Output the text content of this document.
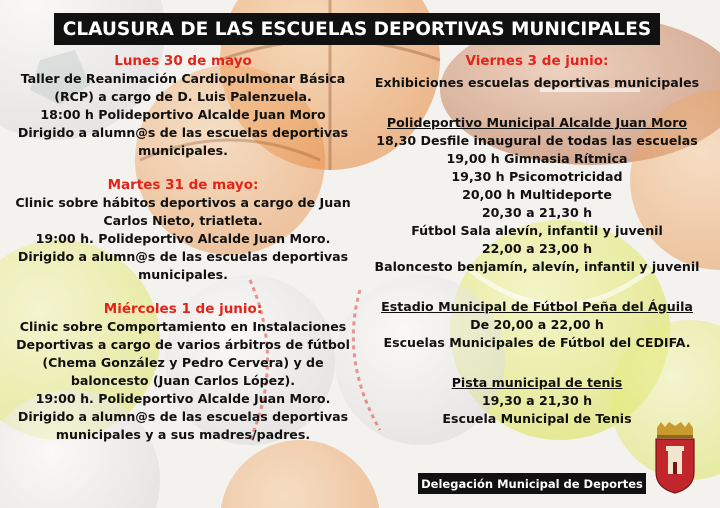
CLAUSURA DE LAS ESCUELAS DEPORTIVAS MUNICIPALES
Lunes 30 de mayo
Taller de Reanimación Cardiopulmonar Básica
(RCP) a cargo de D. Luis Palenzuela.
18:00 h Polideportivo Alcalde Juan Moro
Dirigido a alumn@s de las escuelas deportivas
municipales.
Martes 31 de mayo:
Clinic sobre hábitos deportivos a cargo de Juan
Carlos Nieto, triatleta.
19:00 h. Polideportivo Alcalde Juan Moro.
Dirigido a alumn@s de las escuelas deportivas
municipales.
Miércoles 1 de junio:
Clinic sobre Comportamiento en Instalaciones
Deportivas a cargo de varios árbitros de fútbol
(Chema González y Pedro Cervera) y de
baloncesto (Juan Carlos López).
19:00 h. Polideportivo Alcalde Juan Moro.
Dirigido a alumn@s de las escuelas deportivas
municipales y a sus madres/padres.
Viernes 3 de junio:
Exhibiciones escuelas deportivas municipales
Polideportivo Municipal Alcalde Juan Moro
18,30 Desfile inaugural de todas las escuelas
19,00 h Gimnasia Rítmica
19,30 h Psicomotricidad
20,00 h Multideporte
20,30 a 21,30 h
Fútbol Sala alevín, infantil y juvenil
22,00 a 23,00 h
Baloncesto benjamín, alevín, infantil y juvenil
Estadio Municipal de Fútbol Peña del Águila
De 20,00 a 22,00 h
Escuelas Municipales de Fútbol del CEDIFA.
Pista municipal de tenis
19,30 a 21,30 h
Escuela Municipal de Tenis
Delegación Municipal de Deportes
